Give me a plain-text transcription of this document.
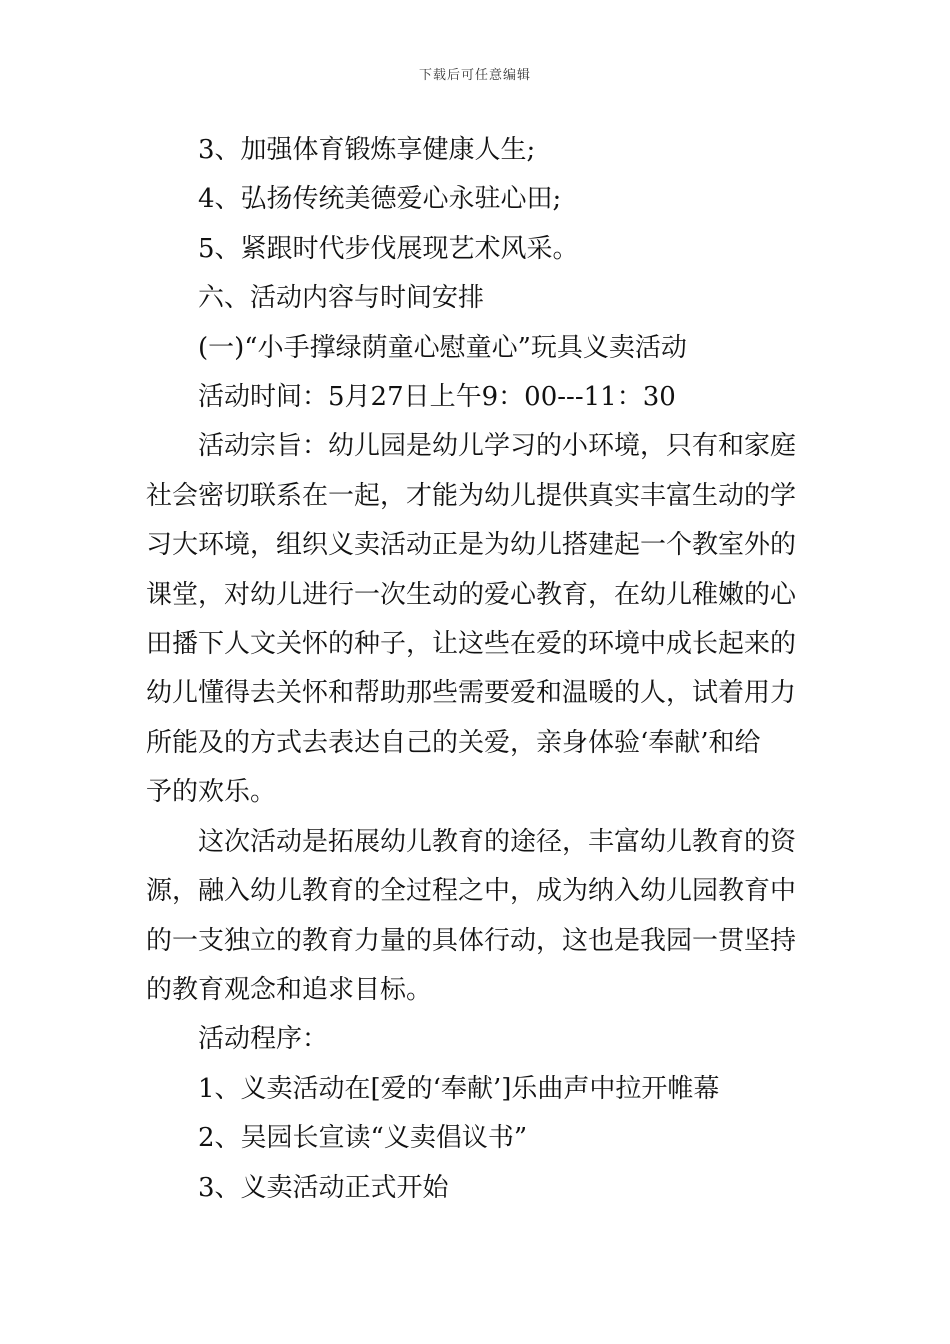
下载后可任意编辑
3、加强体育锻炼享健康人生;
4、弘扬传统美德爱心永驻心田;
5、紧跟时代步伐展现艺术风采。
六、活动内容与时间安排
(一)“小手撑绿荫童心慰童心”玩具义卖活动
活动时间：5月27日上午9：00---11：30
活动宗旨：幼儿园是幼儿学习的小环境，只有和家庭
社会密切联系在一起，才能为幼儿提供真实丰富生动的学
习大环境，组织义卖活动正是为幼儿搭建起一个教室外的
课堂，对幼儿进行一次生动的爱心教育，在幼儿稚嫩的心
田播下人文关怀的种子，让这些在爱的环境中成长起来的
幼儿懂得去关怀和帮助那些需要爱和温暖的人，试着用力
所能及的方式去表达自己的关爱，亲身体验‘奉献’和给
予的欢乐。
这次活动是拓展幼儿教育的途径，丰富幼儿教育的资
源，融入幼儿教育的全过程之中，成为纳入幼儿园教育中
的一支独立的教育力量的具体行动，这也是我园一贯坚持
的教育观念和追求目标。
活动程序：
1、义卖活动在[爱的‘奉献’]乐曲声中拉开帷幕
2、吴园长宣读“义卖倡议书”
3、义卖活动正式开始
